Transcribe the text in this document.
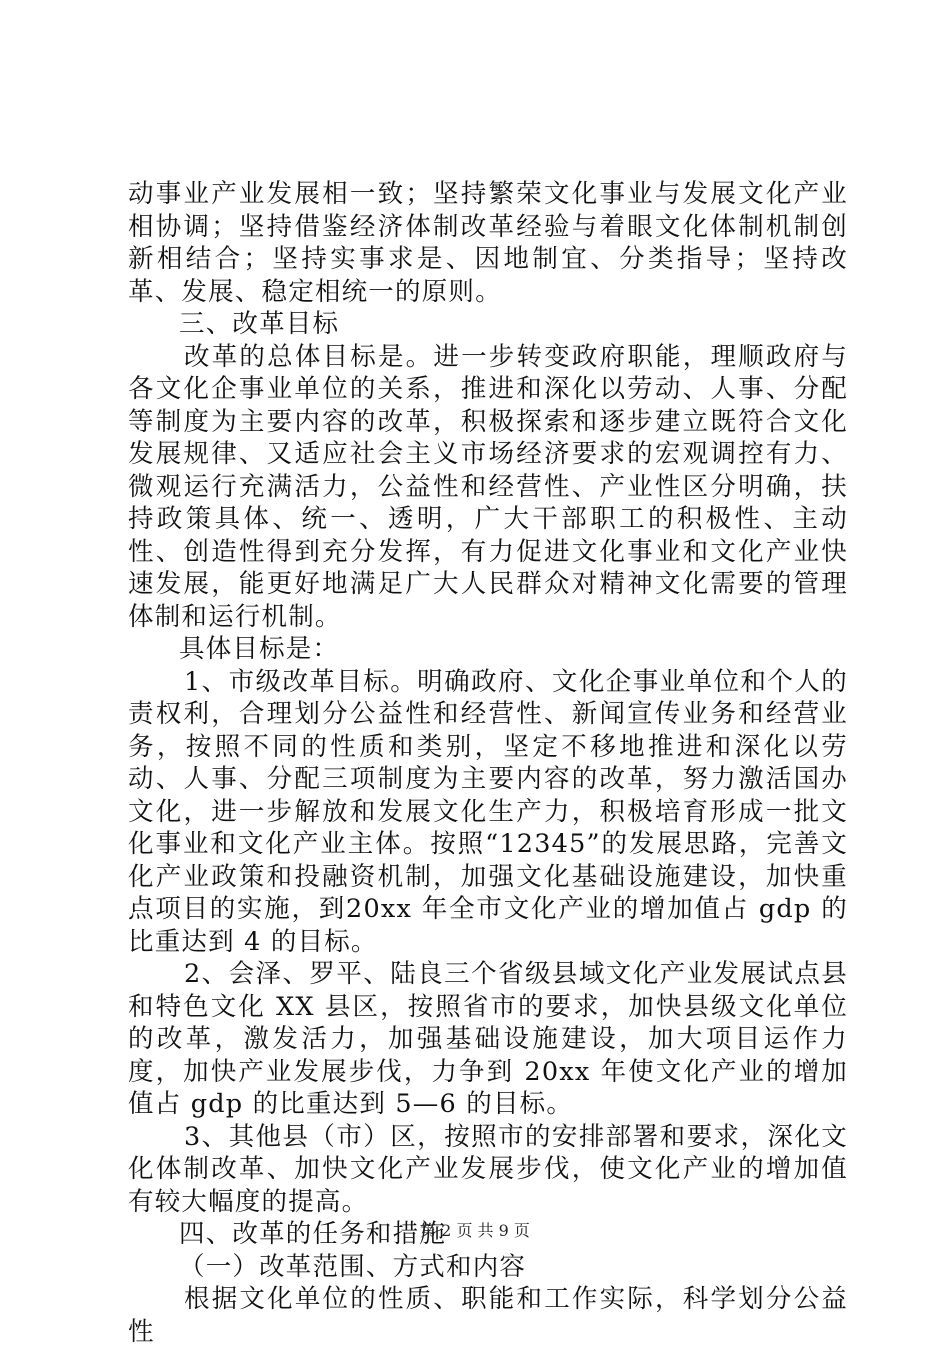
动事业产业发展相一致；坚持繁荣文化事业与发展文化产业相协调；坚持借鉴经济体制改革经验与着眼文化体制机制创新相结合；坚持实事求是、因地制宜、分类指导；坚持改革、发展、稳定相统一的原则。

三、改革目标

改革的总体目标是。进一步转变政府职能，理顺政府与各文化企事业单位的关系，推进和深化以劳动、人事、分配等制度为主要内容的改革，积极探索和逐步建立既符合文化发展规律、又适应社会主义市场经济要求的宏观调控有力、微观运行充满活力，公益性和经营性、产业性区分明确，扶持政策具体、统一、透明，广大干部职工的积极性、主动性、创造性得到充分发挥，有力促进文化事业和文化产业快速发展，能更好地满足广大人民群众对精神文化需要的管理体制和运行机制。

具体目标是：

1、市级改革目标。明确政府、文化企事业单位和个人的责权利，合理划分公益性和经营性、新闻宣传业务和经营业务，按照不同的性质和类别，坚定不移地推进和深化以劳动、人事、分配三项制度为主要内容的改革，努力激活国办文化，进一步解放和发展文化生产力，积极培育形成一批文化事业和文化产业主体。按照“12345”的发展思路，完善文化产业政策和投融资机制，加强文化基础设施建设，加快重点项目的实施，到20xx 年全市文化产业的增加值占 gdp 的比重达到 4 的目标。

2、会泽、罗平、陆良三个省级县域文化产业发展试点县和特色文化 XX 县区，按照省市的要求，加快县级文化单位的改革，激发活力，加强基础设施建设，加大项目运作力度，加快产业发展步伐，力争到 20xx 年使文化产业的增加值占 gdp 的比重达到 5—6 的目标。

3、其他县（市）区，按照市的安排部署和要求，深化文化体制改革、加快文化产业发展步伐，使文化产业的增加值有较大幅度的提高。

四、改革的任务和措施

（一）改革范围、方式和内容

根据文化单位的性质、职能和工作实际，科学划分公益性

第 2 页 共 9 页
